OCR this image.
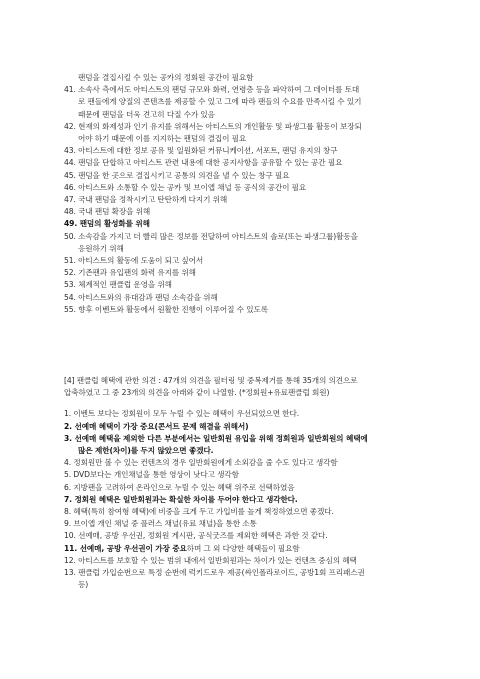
팬덤을 결집시킬 수 있는 공카의 정회원 공간이 필요함
41. 소속사 측에서도 아티스트의 팬덤 규모와 화력, 연령층 등을 파악하여 그 데이터를 토대
로 팬들에게 양질의 콘텐츠를 제공할 수 있고 그에 따라 팬들의 수요를 만족시킬 수 있기
때문에 팬덤을 더욱 견고히 다질 수가 있음
42. 현재의 화제성과 인기 유지를 위해서는 아티스트의 개인활동 및 파생그룹 활동이 보장되
어야 하기 때문에 이를 지지하는 팬덤의 결집이 필요
43. 아티스트에 대한 정보 공유 및 일원화된 커뮤니케이션, 서포트, 팬덤 유지의 창구
44. 팬덤을 단합하고 아티스트 관련 내용에 대한 공지사항을 공유할 수 있는 공간 필요
45. 팬덤을 한 곳으로 결집시키고 공통의 의견을 낼 수 있는 창구 필요
46. 아티스트와 소통할 수 있는 공카 및 브이앱 채널 등 공식의 공간이 필요
47. 국내 팬덤을 정착시키고 탄탄하게 다지기 위해
48. 국내 팬덤 확장을 위해
49. 팬덤의 활성화를 위해
50. 소속감을 가지고 더 빨리 많은 정보를 전달하여 아티스트의 솔로(또는 파생그룹)활동을
응원하기 위해
51. 아티스트의 활동에 도움이 되고 싶어서
52. 기존팬과 유입팬의 화력 유지를 위해
53. 체계적인 팬클럽 운영을 위해
54. 아티스트와의 유대감과 팬덤 소속감을 위해
55. 향후 이벤트와 활동에서 원활한 진행이 이루어질 수 있도록
[4] 팬클럽 혜택에 관한 의견 : 47개의 의견을 필터링 및 중복제거를 통해 35개의 의견으로
압축하였고 그 중 23개의 의견을 아래와 같이 나열함. (*정회원+유료팬클럽 회원)
1. 이벤트 보다는 정회원이 모두 누릴 수 있는 혜택이 우선되었으면 한다.
2. 선예매 혜택이 가장 중요(콘서트 문제 해결을 위해서)
3. 선예매 혜택을 제외한 다른 부분에서는 일반회원 유입을 위해 정회원과 일반회원의 혜택에
많은 제한(차이)를 두지 않았으면 좋겠다.
4. 정회원만 볼 수 있는 컨텐츠의 경우 일반회원에게 소외감을 줄 수도 있다고 생각함
5. DVD보다는 개인채널을 통한 영상이 낫다고 생각함
6. 지방팬을 고려하여 온라인으로 누릴 수 있는 혜택 위주로 선택하였음
7. 정회원 혜택은 일반회원과는 확실한 차이를 두어야 한다고 생각한다.
8. 혜택(특히 참여형 혜택)에 비중을 크게 두고 가입비를 높게 책정하였으면 좋겠다.
9. 브이앱 개인 채널 중 플러스 채널(유료 채널)을 통한 소통
10. 선예매, 공방 우선권, 정회원 게시판, 공식굿즈를 제외한 혜택은 과한 것 같다.
11. 선예매, 공방 우선권이 가장 중요하며 그 외 다양한 혜택들이 필요함
12. 아티스트를 보호할 수 있는 범위 내에서 일반회원과는 차이가 있는 컨텐츠 중심의 혜택
13. 팬클럽 가입순번으로 특정 순번에 럭키드로우 제공(싸인폴라로이드, 공방1회 프리패스권
등)
